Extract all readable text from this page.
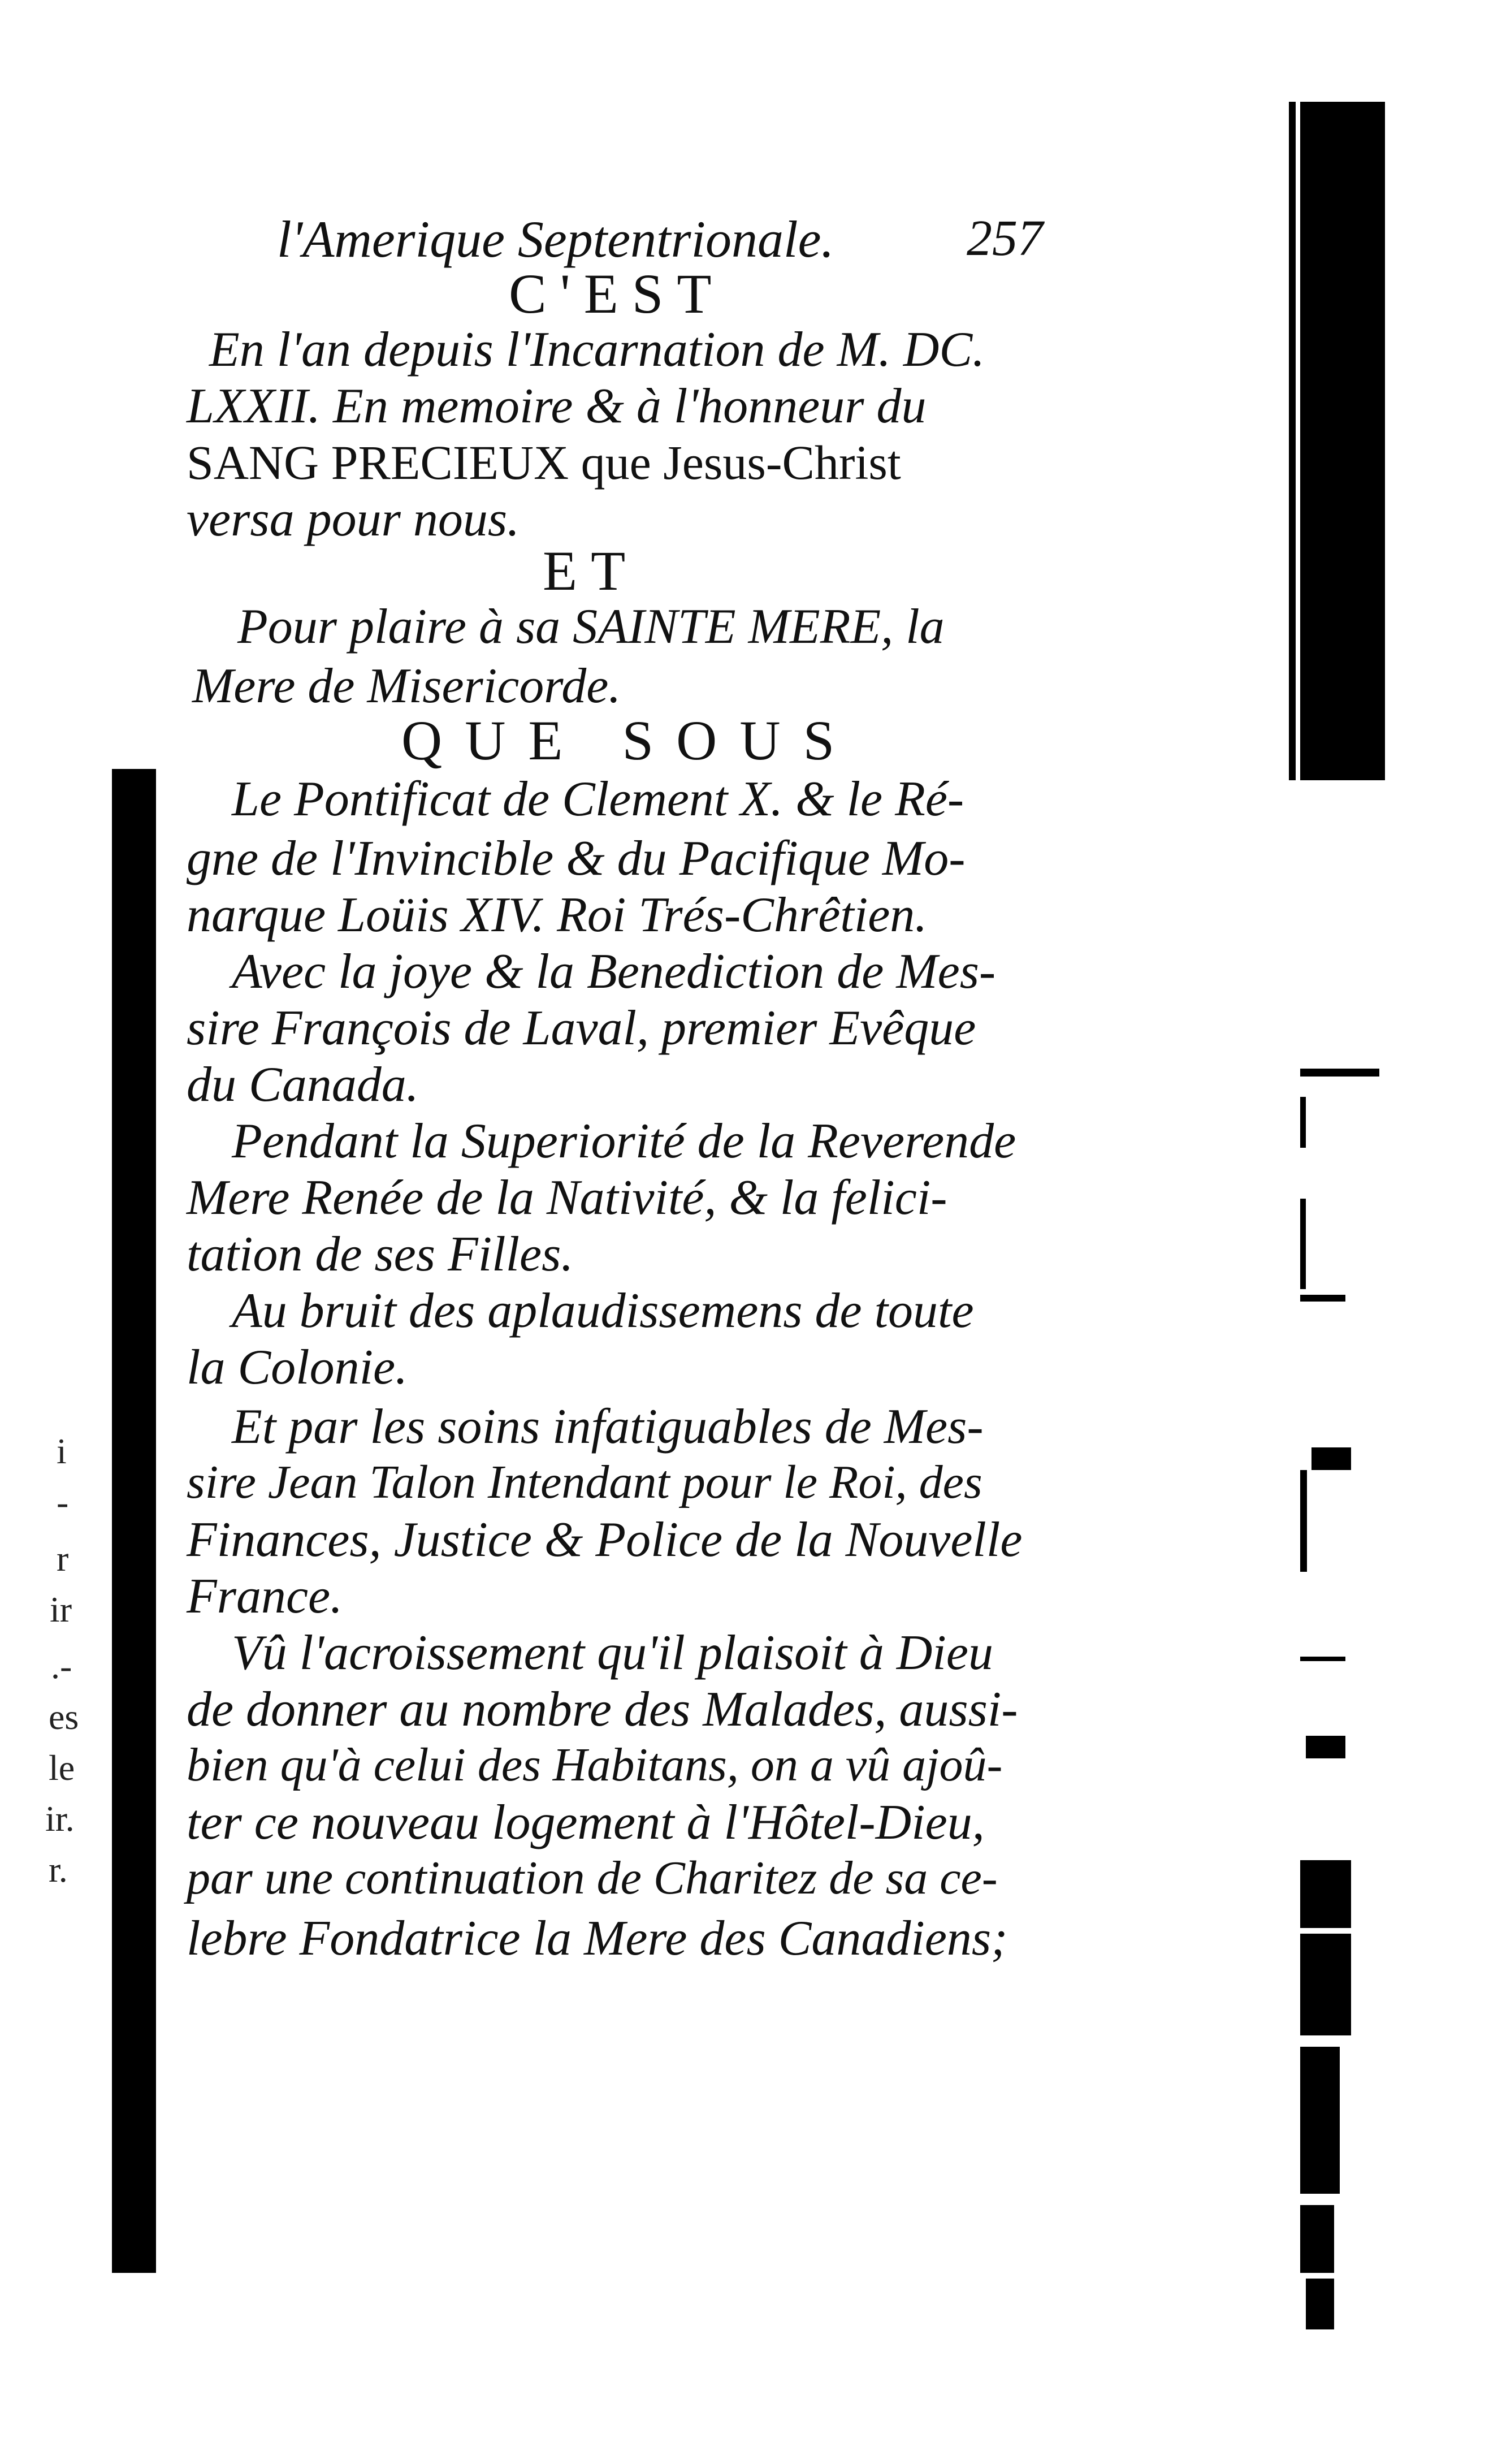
i
-
r
ir
.-
es
le
ir.
r.
l'Amerique Septentrionale.	257
C'EST
En l'an depuis l'Incarnation de M. DC.
LXXII. En memoire & à l'honneur du
SANG PRECIEUX que Jesus-Christ
versa pour nous.
ET
Pour plaire à sa SAINTE MERE, la
Mere de Misericorde.
QUE SOUS
Le Pontificat de Clement X. & le Ré-
gne de l'Invincible & du Pacifique Mo-
narque Loüis XIV. Roi Trés-Chrêtien.
Avec la joye & la Benediction de Mes-
sire François de Laval, premier Evêque
du Canada.
Pendant la Superiorité de la Reverende
Mere Renée de la Nativité, & la felici-
tation de ses Filles.
Au bruit des aplaudissemens de toute
la Colonie.
Et par les soins infatiguables de Mes-
sire Jean Talon Intendant pour le Roi, des
Finances, Justice & Police de la Nouvelle
France.
Vû l'acroissement qu'il plaisoit à Dieu
de donner au nombre des Malades, aussi-
bien qu'à celui des Habitans, on a vû ajoû-
ter ce nouveau logement à l'Hôtel-Dieu,
par une continuation de Charitez de sa ce-
lebre Fondatrice la Mere des Canadiens;
